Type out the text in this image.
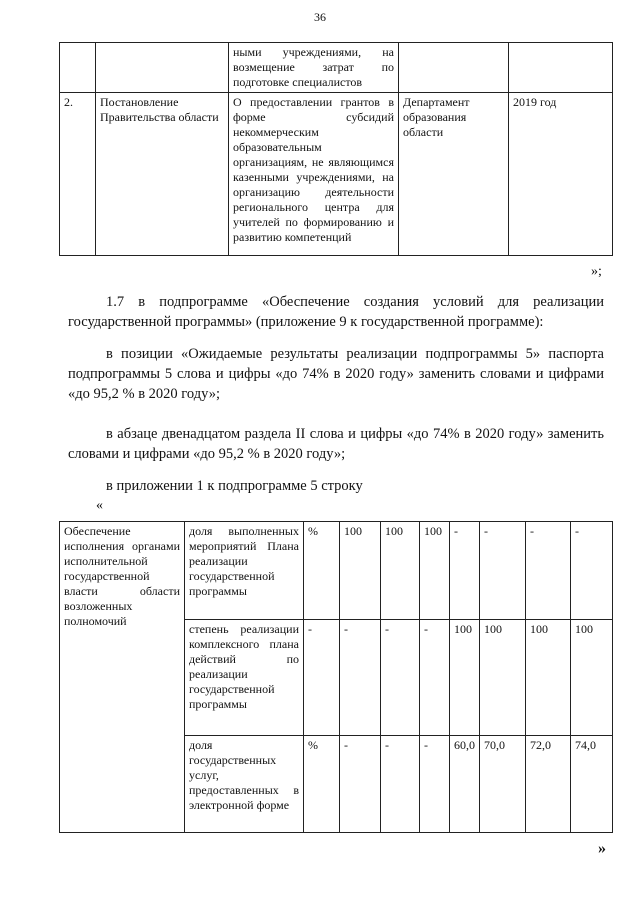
36
		ными учреждениями, на возмещение затрат по подготовке специалистов		
2.	Постановление Правительства области	О предоставлении грантов в форме субсидий некоммерческим образовательным организациям, не являющимся казенными учреждениями, на организацию деятельности регионального центра для учителей по формированию и развитию компетенций	Департамент образования области	2019 год
»;

1.7 в подпрограмме «Обеспечение создания условий для реализации государственной программы» (приложение 9 к государственной программе):

в позиции «Ожидаемые результаты реализации подпрограммы 5» паспорта подпрограммы 5 слова и цифры «до 74% в 2020 году» заменить словами и цифрами «до 95,2 % в 2020 году»;

в абзаце двенадцатом раздела II слова и цифры «до 74% в 2020 году» заменить словами и цифрами «до 95,2 % в 2020 году»;

в приложении 1 к подпрограмме 5 строку

«
Обеспечение исполнения органами исполнительной государственной власти области возложенных полномочий	доля выполненных мероприятий Плана реализации государственной программы	%	100	100	100	-	-	-	-
	степень реализации комплексного плана действий по реализации государственной программы	-	-	-	-	100	100	100	100
	доля государственных услуг, предоставленных в электронной форме	%	-	-	-	60,0	70,0	72,0	74,0
»
